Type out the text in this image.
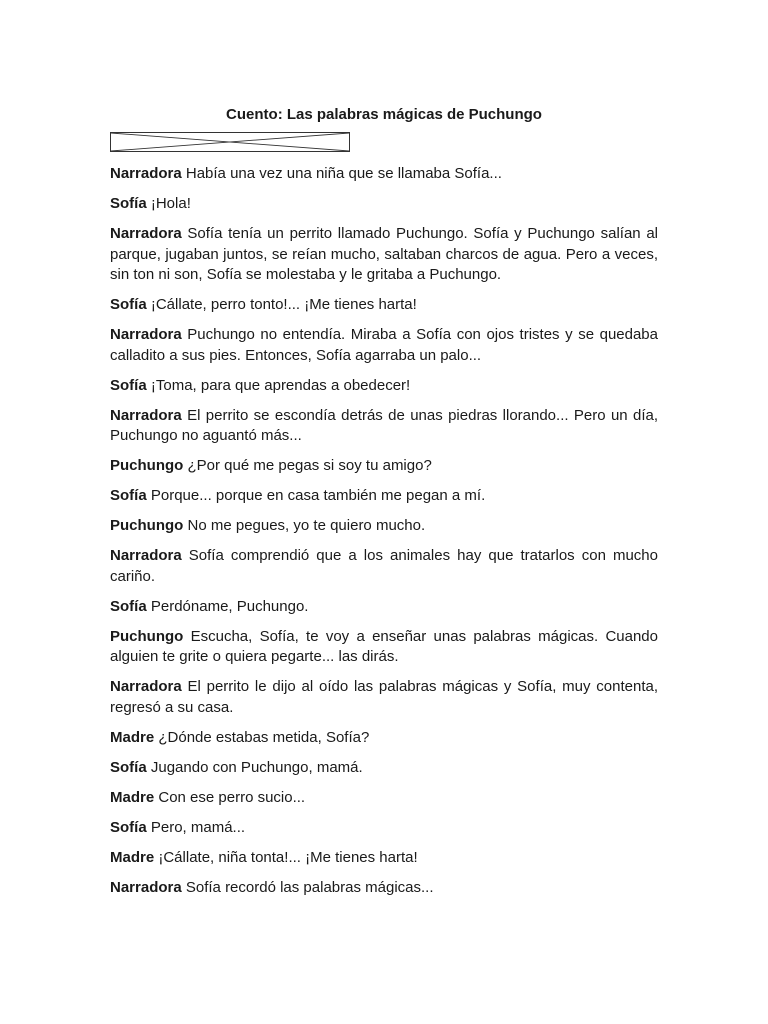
Cuento: Las palabras mágicas de Puchungo

Narradora Había una vez una niña que se llamaba Sofía...

Sofía ¡Hola!

Narradora Sofía tenía un perrito llamado Puchungo. Sofía y Puchungo salían al parque, jugaban juntos, se reían mucho, saltaban charcos de agua. Pero a veces, sin ton ni son, Sofía se molestaba y le gritaba a Puchungo.

Sofía ¡Cállate, perro tonto!... ¡Me tienes harta!

Narradora Puchungo no entendía. Miraba a Sofía con ojos tristes y se quedaba calladito a sus pies. Entonces, Sofía agarraba un palo...

Sofía ¡Toma, para que aprendas a obedecer!

Narradora El perrito se escondía detrás de unas piedras llorando... Pero un día, Puchungo no aguantó más...

Puchungo ¿Por qué me pegas si soy tu amigo?

Sofía Porque... porque en casa también me pegan a mí.

Puchungo No me pegues, yo te quiero mucho.

Narradora Sofía comprendió que a los animales hay que tratarlos con mucho cariño.

Sofía Perdóname, Puchungo.

Puchungo Escucha, Sofía, te voy a enseñar unas palabras mágicas. Cuando alguien te grite o quiera pegarte... las dirás.

Narradora El perrito le dijo al oído las palabras mágicas y Sofía, muy contenta, regresó a su casa.

Madre ¿Dónde estabas metida, Sofía?

Sofía Jugando con Puchungo, mamá.

Madre Con ese perro sucio...

Sofía Pero, mamá...

Madre ¡Cállate, niña tonta!... ¡Me tienes harta!

Narradora Sofía recordó las palabras mágicas...
